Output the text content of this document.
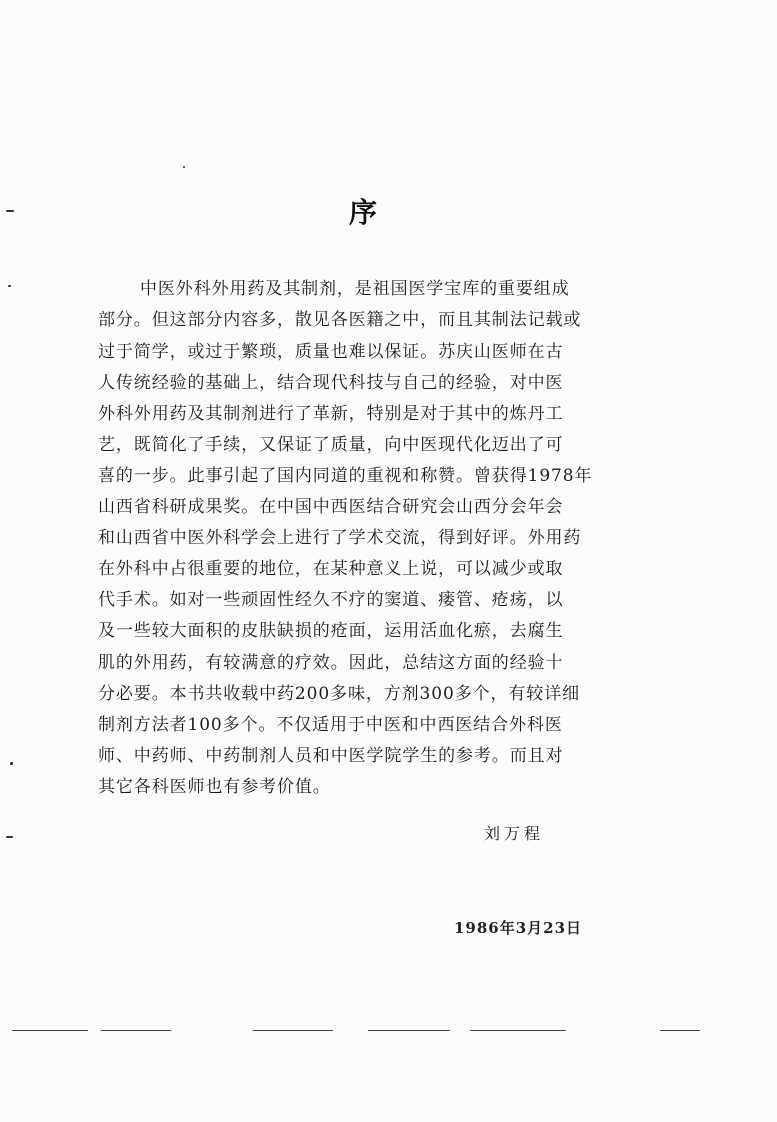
序
中医外科外用药及其制剂，是祖国医学宝库的重要组成
部分。但这部分内容多，散见各医籍之中，而且其制法记载或
过于简学，或过于繁琐，质量也难以保证。苏庆山医师在古
人传统经验的基础上，结合现代科技与自己的经验，对中医
外科外用药及其制剂进行了革新，特别是对于其中的炼丹工
艺，既简化了手续，又保证了质量，向中医现代化迈出了可
喜的一步。此事引起了国内同道的重视和称赞。曾获得1978年
山西省科研成果奖。在中国中西医结合研究会山西分会年会
和山西省中医外科学会上进行了学术交流，得到好评。外用药
在外科中占很重要的地位，在某种意义上说，可以减少或取
代手术。如对一些顽固性经久不疗的窦道、瘘管、疮疡，以
及一些较大面积的皮肤缺损的疮面，运用活血化瘀，去腐生
肌的外用药，有较满意的疗效。因此，总结这方面的经验十
分必要。本书共收载中药200多味，方剂300多个，有较详细
制剂方法者100多个。不仅适用于中医和中西医结合外科医
师、中药师、中药制剂人员和中医学院学生的参考。而且对
其它各科医师也有参考价值。
刘万程
1986年3月23日
